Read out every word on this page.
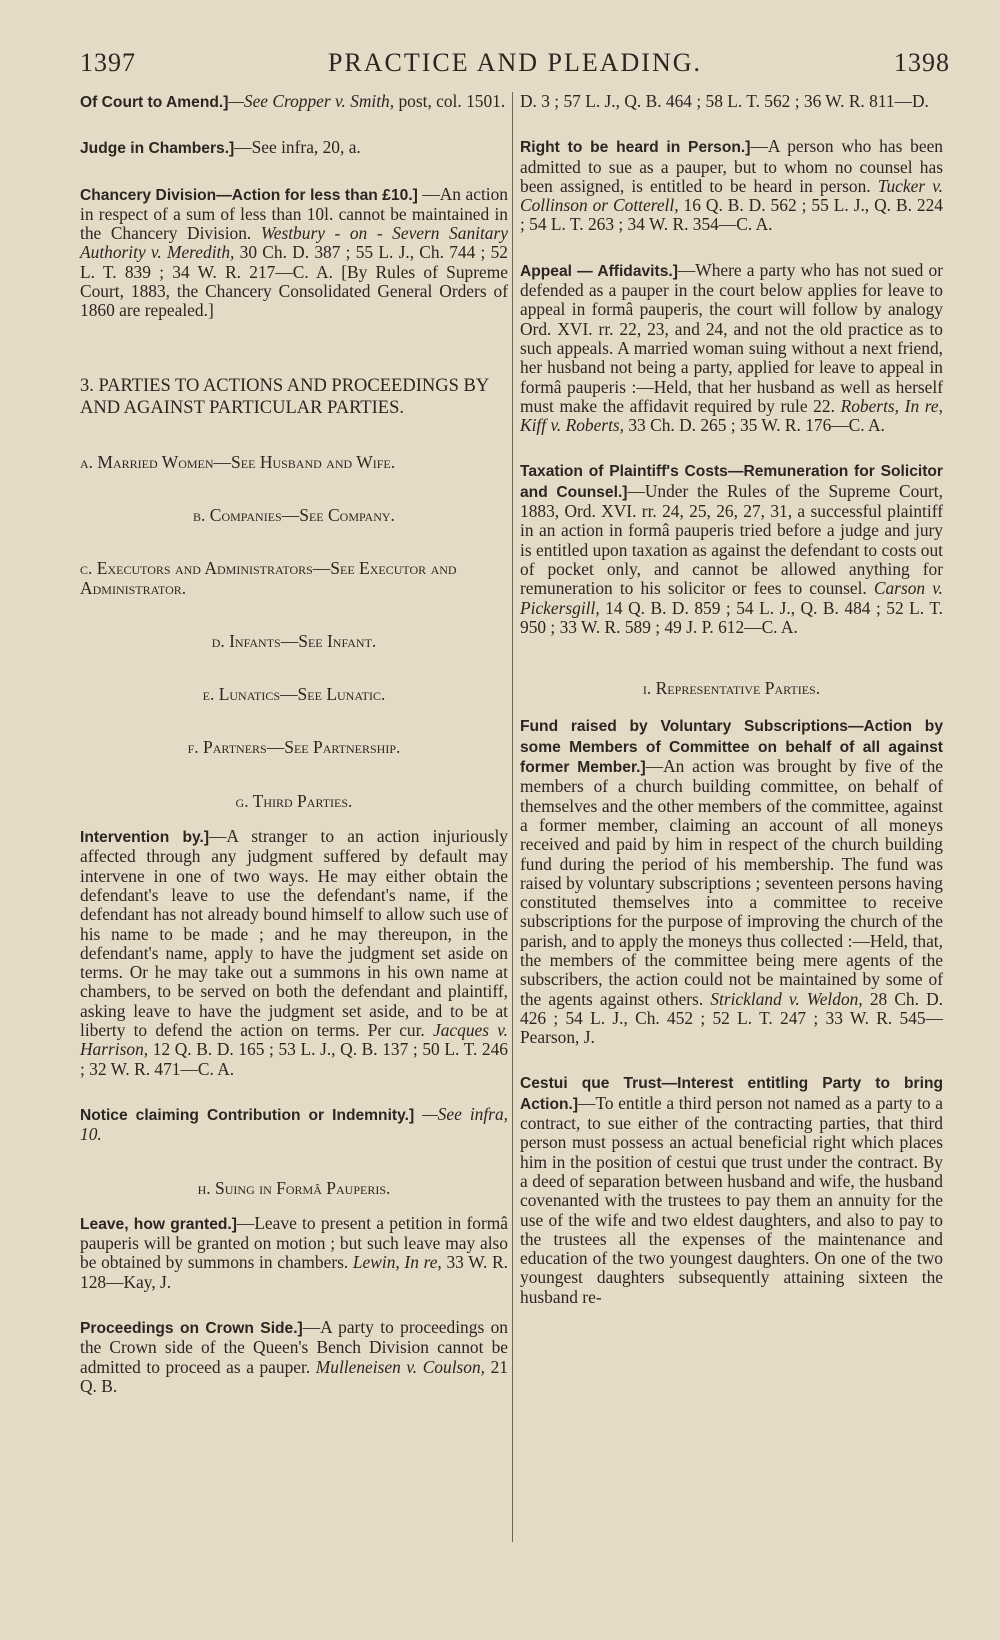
1397	PRACTICE AND PLEADING.	1398

Of Court to Amend.]—See Cropper v. Smith, post, col. 1501.

Judge in Chambers.]—See infra, 20, a.

Chancery Division—Action for less than £10.] —An action in respect of a sum of less than 10l. cannot be maintained in the Chancery Division. Westbury - on - Severn Sanitary Authority v. Meredith, 30 Ch. D. 387 ; 55 L. J., Ch. 744 ; 52 L. T. 839 ; 34 W. R. 217—C. A. [By Rules of Supreme Court, 1883, the Chancery Consolidated General Orders of 1860 are repealed.]

3. PARTIES TO ACTIONS AND PROCEEDINGS BY AND AGAINST PARTICULAR PARTIES.

a. Married Women—See Husband and Wife.

b. Companies—See Company.

c. Executors and Administrators—See Executor and Administrator.

d. Infants—See Infant.

e. Lunatics—See Lunatic.

f. Partners—See Partnership.

g. Third Parties.

Intervention by.]—A stranger to an action injuriously affected through any judgment suffered by default may intervene in one of two ways. He may either obtain the defendant's leave to use the defendant's name, if the defendant has not already bound himself to allow such use of his name to be made ; and he may thereupon, in the defendant's name, apply to have the judgment set aside on terms. Or he may take out a summons in his own name at chambers, to be served on both the defendant and plaintiff, asking leave to have the judgment set aside, and to be at liberty to defend the action on terms. Per cur. Jacques v. Harrison, 12 Q. B. D. 165 ; 53 L. J., Q. B. 137 ; 50 L. T. 246 ; 32 W. R. 471—C. A.

Notice claiming Contribution or Indemnity.] —See infra, 10.

h. Suing in Formâ Pauperis.

Leave, how granted.]—Leave to present a petition in formâ pauperis will be granted on motion ; but such leave may also be obtained by summons in chambers. Lewin, In re, 33 W. R. 128—Kay, J.

Proceedings on Crown Side.]—A party to proceedings on the Crown side of the Queen's Bench Division cannot be admitted to proceed as a pauper. Mulleneisen v. Coulson, 21 Q. B.

D. 3 ; 57 L. J., Q. B. 464 ; 58 L. T. 562 ; 36 W. R. 811—D.

Right to be heard in Person.]—A person who has been admitted to sue as a pauper, but to whom no counsel has been assigned, is entitled to be heard in person. Tucker v. Collinson or Cotterell, 16 Q. B. D. 562 ; 55 L. J., Q. B. 224 ; 54 L. T. 263 ; 34 W. R. 354—C. A.

Appeal — Affidavits.]—Where a party who has not sued or defended as a pauper in the court below applies for leave to appeal in formâ pauperis, the court will follow by analogy Ord. XVI. rr. 22, 23, and 24, and not the old practice as to such appeals. A married woman suing without a next friend, her husband not being a party, applied for leave to appeal in formâ pauperis :—Held, that her husband as well as herself must make the affidavit required by rule 22. Roberts, In re, Kiff v. Roberts, 33 Ch. D. 265 ; 35 W. R. 176—C. A.

Taxation of Plaintiff's Costs—Remuneration for Solicitor and Counsel.]—Under the Rules of the Supreme Court, 1883, Ord. XVI. rr. 24, 25, 26, 27, 31, a successful plaintiff in an action in formâ pauperis tried before a judge and jury is entitled upon taxation as against the defendant to costs out of pocket only, and cannot be allowed anything for remuneration to his solicitor or fees to counsel. Carson v. Pickersgill, 14 Q. B. D. 859 ; 54 L. J., Q. B. 484 ; 52 L. T. 950 ; 33 W. R. 589 ; 49 J. P. 612—C. A.

i. Representative Parties.

Fund raised by Voluntary Subscriptions—Action by some Members of Committee on behalf of all against former Member.]—An action was brought by five of the members of a church building committee, on behalf of themselves and the other members of the committee, against a former member, claiming an account of all moneys received and paid by him in respect of the church building fund during the period of his membership. The fund was raised by voluntary subscriptions ; seventeen persons having constituted themselves into a committee to receive subscriptions for the purpose of improving the church of the parish, and to apply the moneys thus collected :—Held, that, the members of the committee being mere agents of the subscribers, the action could not be maintained by some of the agents against others. Strickland v. Weldon, 28 Ch. D. 426 ; 54 L. J., Ch. 452 ; 52 L. T. 247 ; 33 W. R. 545—Pearson, J.

Cestui que Trust—Interest entitling Party to bring Action.]—To entitle a third person not named as a party to a contract, to sue either of the contracting parties, that third person must possess an actual beneficial right which places him in the position of cestui que trust under the contract. By a deed of separation between husband and wife, the husband covenanted with the trustees to pay them an annuity for the use of the wife and two eldest daughters, and also to pay to the trustees all the expenses of the maintenance and education of the two youngest daughters. On one of the two youngest daughters subsequently attaining sixteen the husband re-
